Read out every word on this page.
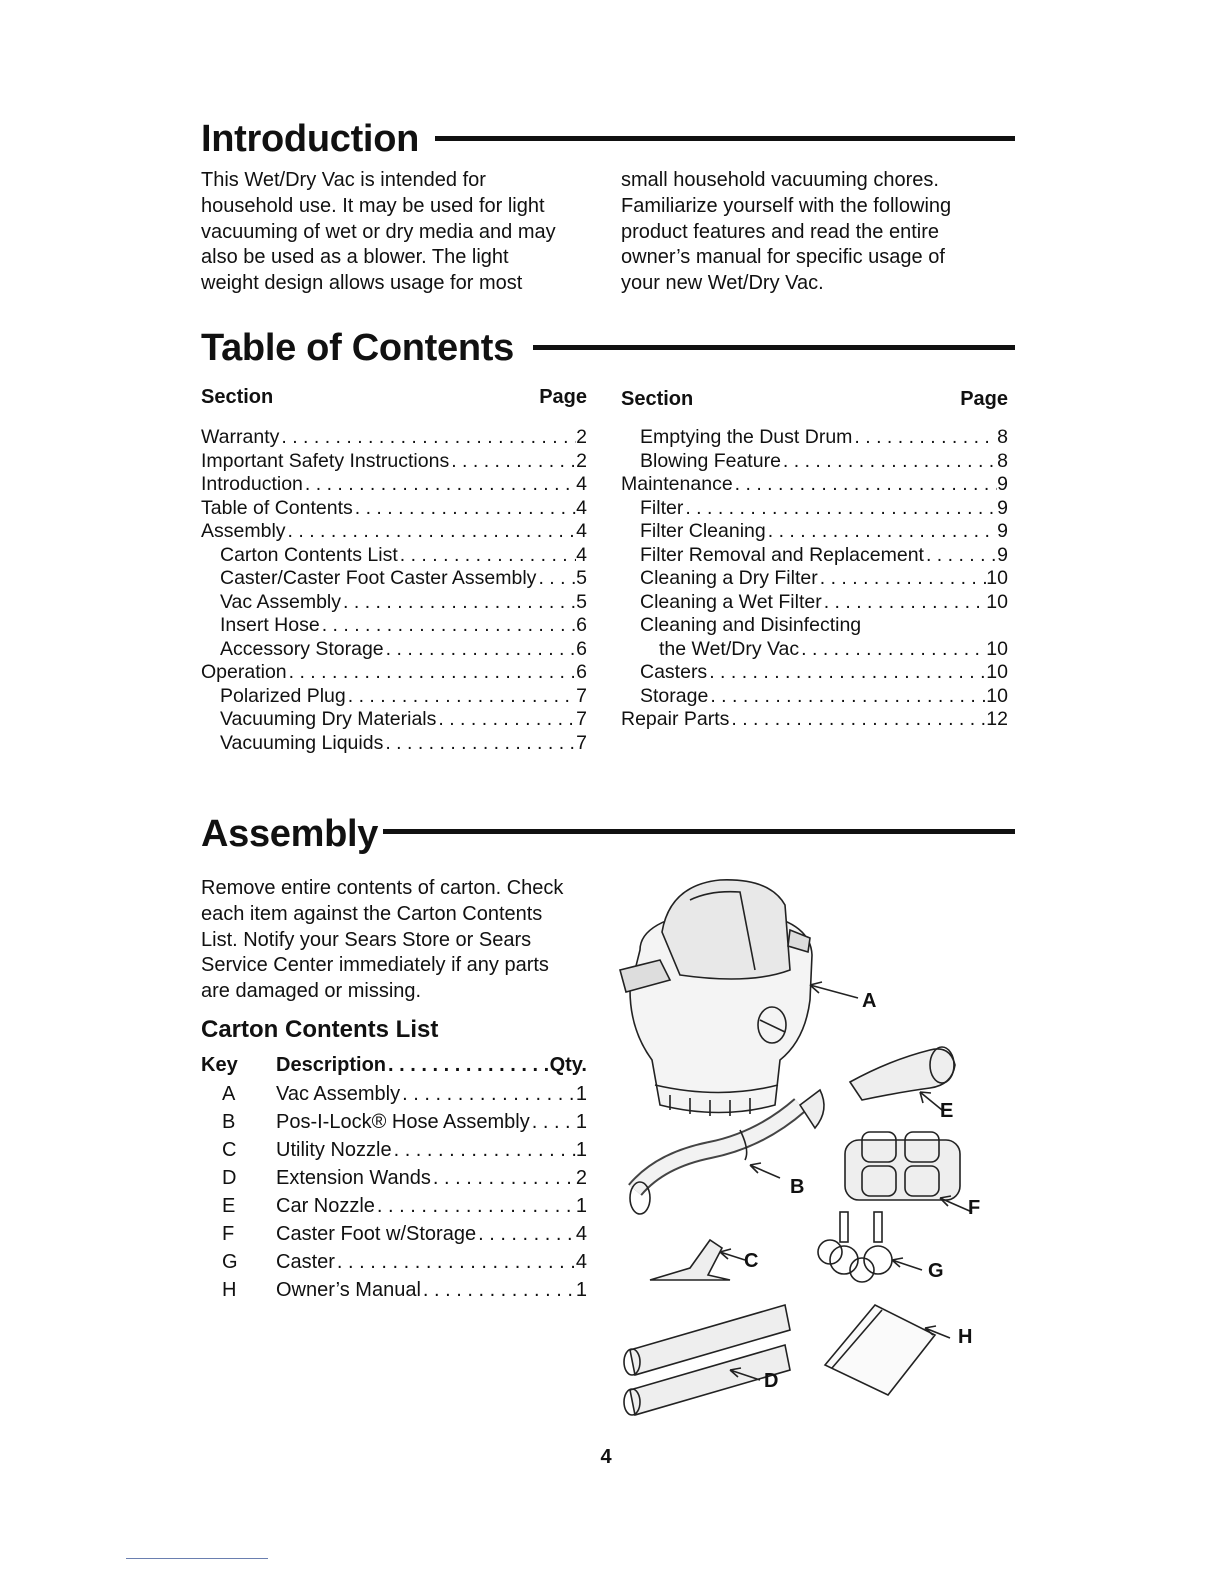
Introduction
This Wet/Dry Vac is intended for
household use. It may be used for light
vacuuming of wet or dry media and may
also be used as a blower. The light
weight design allows usage for most
small household vacuuming chores.
Familiarize yourself with the following
product features and read the entire
owner’s manual for specific usage of
your new Wet/Dry Vac.
Table of Contents
Section	Page
Warranty . . .	2
Important Safety Instructions . . .	2
Introduction . . .	4
Table of Contents . . .	4
Assembly . . .	4
Carton Contents List . . .	4
Caster/Caster Foot Caster Assembly . . . 5
Vac Assembly . . .	5
Insert Hose . . .	6
Accessory Storage . . .	6
Operation . . .	6
Polarized Plug . . .	7
Vacuuming Dry Materials . . .	7
Vacuuming Liquids . . .	7
Section	Page
Emptying the Dust Drum . . .	8
Blowing Feature . . .	8
Maintenance . . .	9
Filter . . .	9
Filter Cleaning . . .	9
Filter Removal and Replacement . . .	9
Cleaning a Dry Filter . . .	10
Cleaning a Wet Filter . . .	10
Cleaning and Disinfecting
the Wet/Dry Vac . . .	10
Casters . . .	10
Storage . . .	10
Repair Parts . . .	12
Assembly
Remove entire contents of carton. Check
each item against the Carton Contents
List. Notify your Sears Store or Sears
Service Center immediately if any parts
are damaged or missing.
Carton Contents List
Key	Description . . .	Qty.
A	Vac Assembly . . .	1
B	Pos-I-Lock® Hose Assembly . . . 1
C	Utility Nozzle . . .	1
D	Extension Wands . . .	2
E	Car Nozzle . . .	1
F	Caster Foot w/Storage . . .	4
G	Caster . . .	4
H	Owner’s Manual . . .	1
A
E
B
F
C	G
H
D
4
